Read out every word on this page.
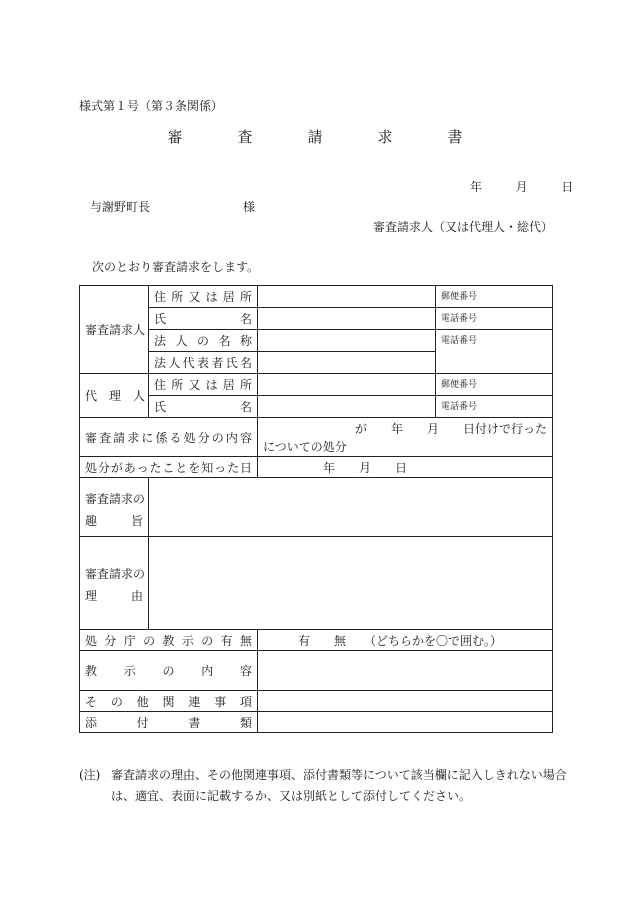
様式第１号（第３条関係）
審　査　請　求　書
年	月	日
与謝野町長	様
審査請求人（又は代理人・総代）
次のとおり審査請求をします。
審査請求人	住 所 又 は 居 所		郵便番号
	氏　　　　名		電話番号
	法 人 の 名 称		電話番号
	法人代表者氏名		
代　理　人	住 所 又 は 居 所		郵便番号
	氏　　　　名		電話番号
審査請求に係る処分の内容		が　　年　　月　　日付けで行った
についての処分	

処分があったことを知った日		年　　月　　日	

審査請求の
趣　　旨			

審査請求の
理　　由			

処 分 庁 の 教 示 の 有 無		有　　無　　（どちらかを〇で囲む。）	
教　示　の　内　容			
そ の 他 関 連 事 項			
添　付　書　類			
(注) 審査請求の理由、その他関連事項、添付書類等について該当欄に記入しきれない場合
は、適宜、表面に記載するか、又は別紙として添付してください。
